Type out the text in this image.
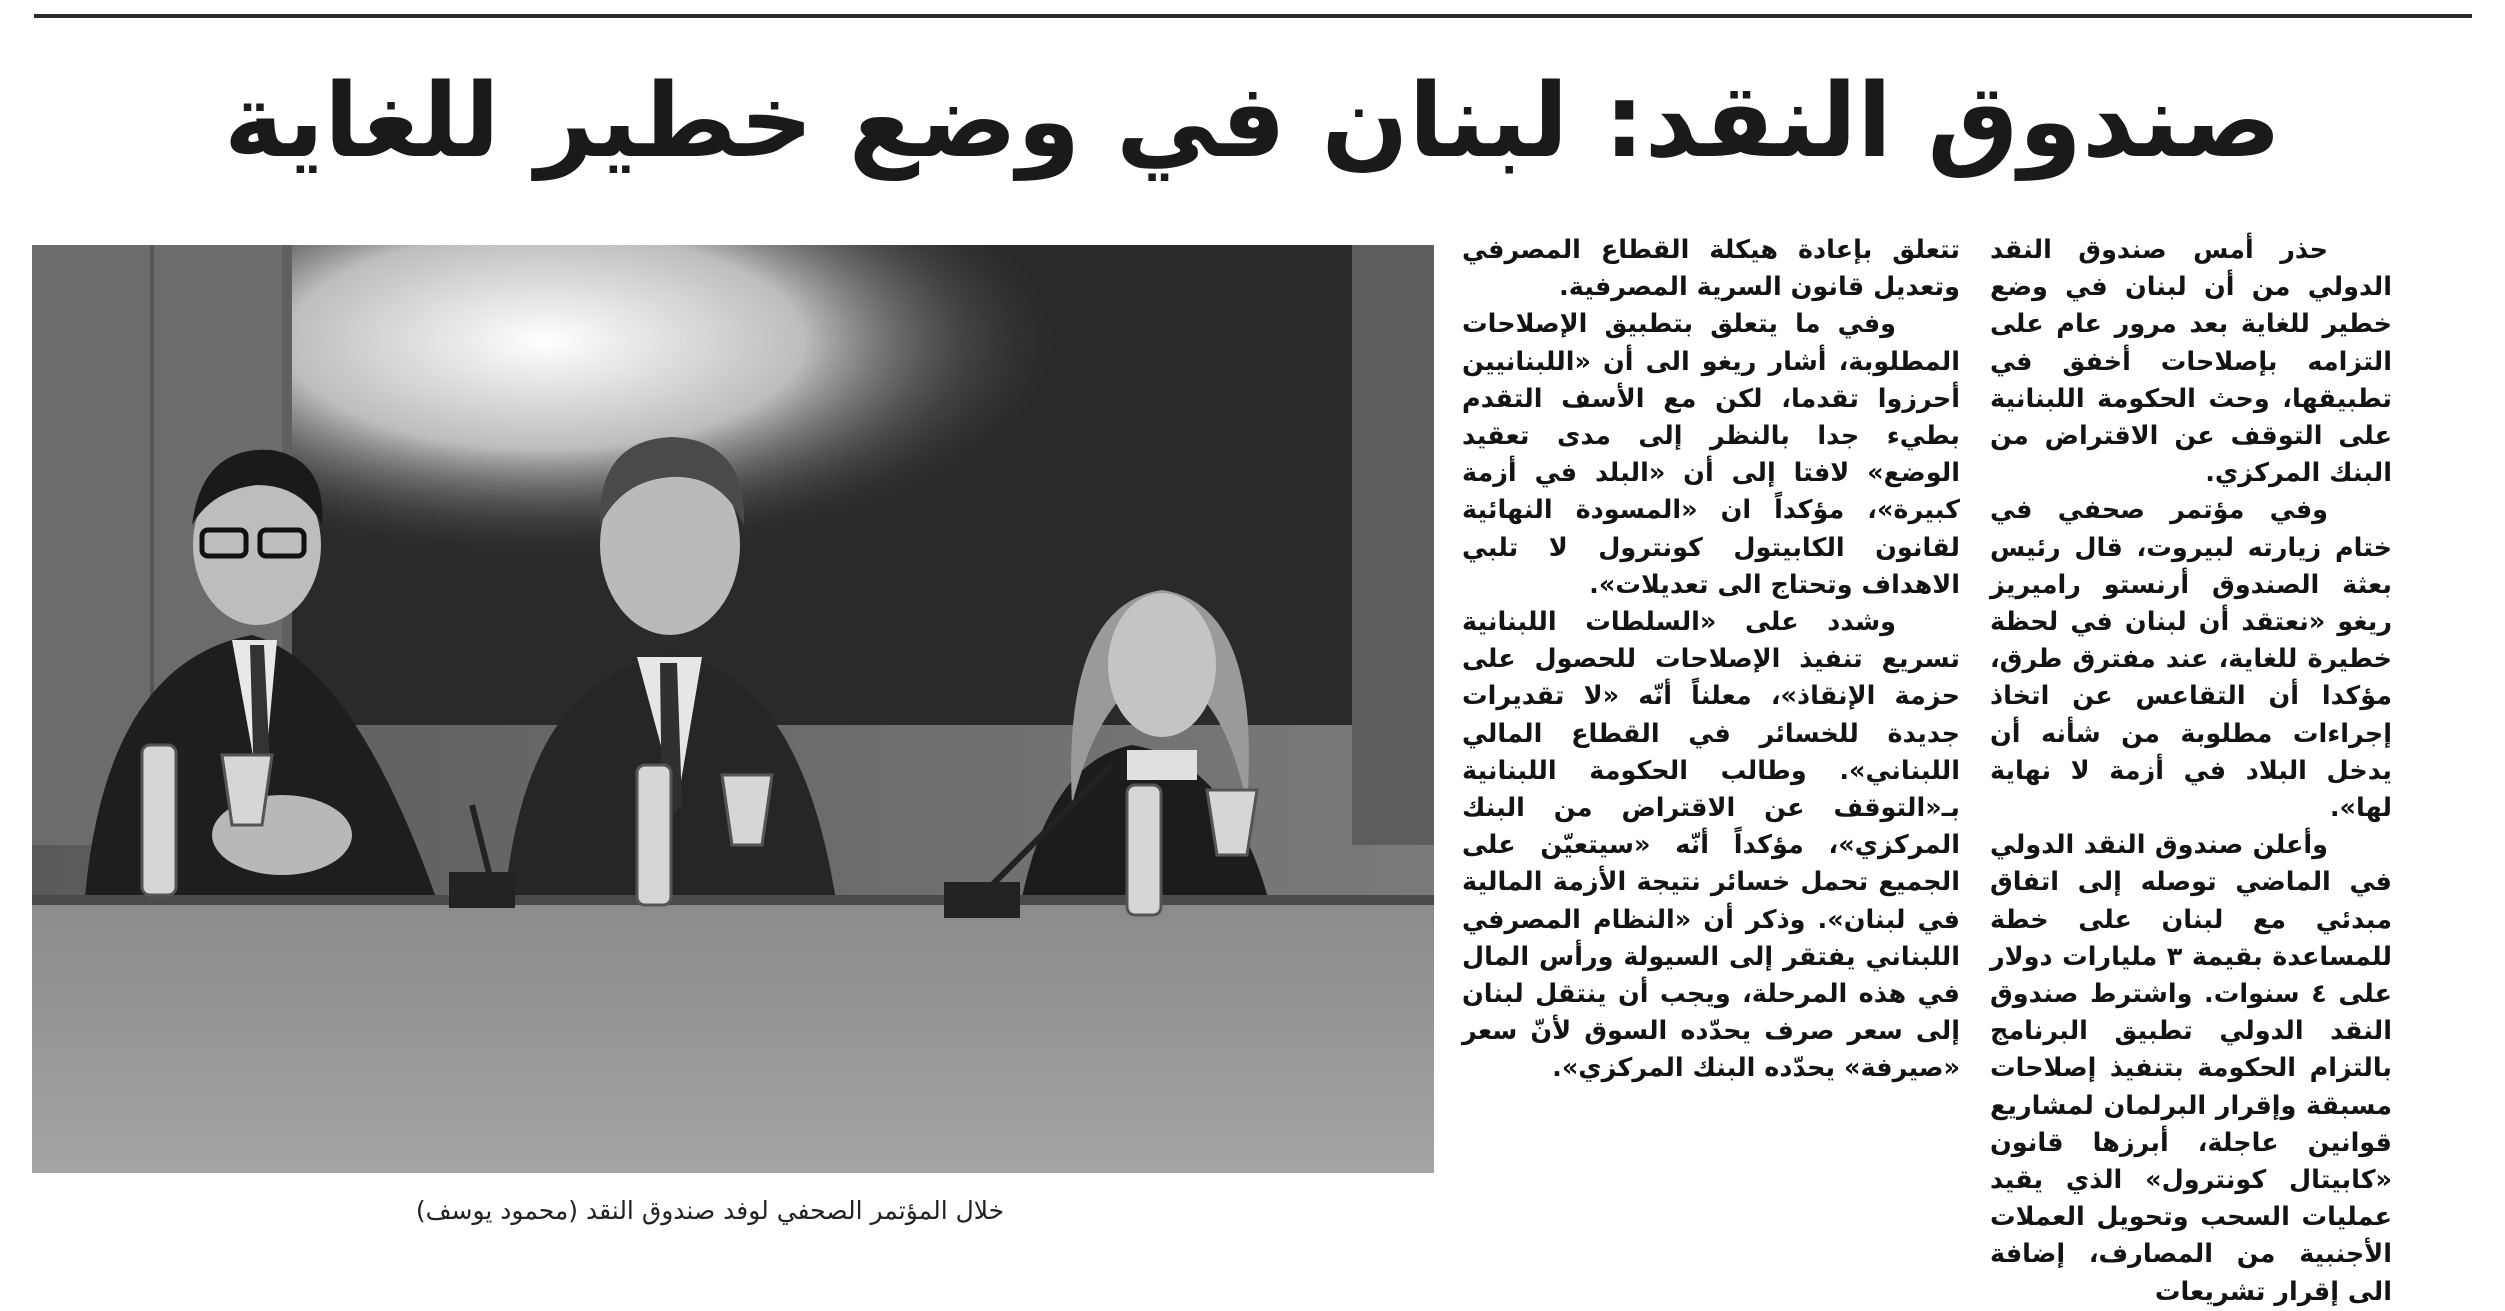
صندوق النقد: لبنان في وضع خطير للغاية

حذر أمس صندوق النقد الدولي من أن لبنان في وضع خطير للغاية بعد مرور عام على التزامه بإصلاحات أخفق في تطبيقها، وحث الحكومة اللبنانية على التوقف عن الاقتراض من البنك المركزي.

وفي مؤتمر صحفي في ختام زيارته لبيروت، قال رئيس بعثة الصندوق أرنستو راميريز ريغو «نعتقد أن لبنان في لحظة خطيرة للغاية، عند مفترق طرق، مؤكدا أن التقاعس عن اتخاذ إجراءات مطلوبة من شأنه أن يدخل البلاد في أزمة لا نهاية لها».

وأعلن صندوق النقد الدولي في الماضي توصله إلى اتفاق مبدئي مع لبنان على خطة للمساعدة بقيمة ٣ مليارات دولار على ٤ سنوات. واشترط صندوق النقد الدولي تطبيق البرنامج بالتزام الحكومة بتنفيذ إصلاحات مسبقة وإقرار البرلمان لمشاريع قوانين عاجلة، أبرزها قانون «كابيتال كونترول» الذي يقيد عمليات السحب وتحويل العملات الأجنبية من المصارف، إضافة الى إقرار تشريعات

تتعلق بإعادة هيكلة القطاع المصرفي وتعديل قانون السرية المصرفية.

وفي ما يتعلق بتطبيق الإصلاحات المطلوبة، أشار ريغو الى أن «اللبنانيين أحرزوا تقدما، لكن مع الأسف التقدم بطيء جدا بالنظر إلى مدى تعقيد الوضع» لافتا إلى أن «البلد في أزمة كبيرة»، مؤكداً ان «المسودة النهائية لقانون الكابيتول كونترول لا تلبي الاهداف وتحتاج الى تعديلات».

وشدد على «السلطات اللبنانية تسريع تنفيذ الإصلاحات للحصول على حزمة الإنقاذ»، معلناً أنّه «لا تقديرات جديدة للخسائر في القطاع المالي اللبناني». وطالب الحكومة اللبنانية بـ«التوقف عن الاقتراض من البنك المركزي»، مؤكداً أنّه «سيتعيّن على الجميع تحمل خسائر نتيجة الأزمة المالية في لبنان». وذكر أن «النظام المصرفي اللبناني يفتقر إلى السيولة ورأس المال في هذه المرحلة، ويجب أن ينتقل لبنان إلى سعر صرف يحدّده السوق لأنّ سعر «صيرفة» يحدّده البنك المركزي».

خلال المؤتمر الصحفي لوفد صندوق النقد (محمود يوسف)
